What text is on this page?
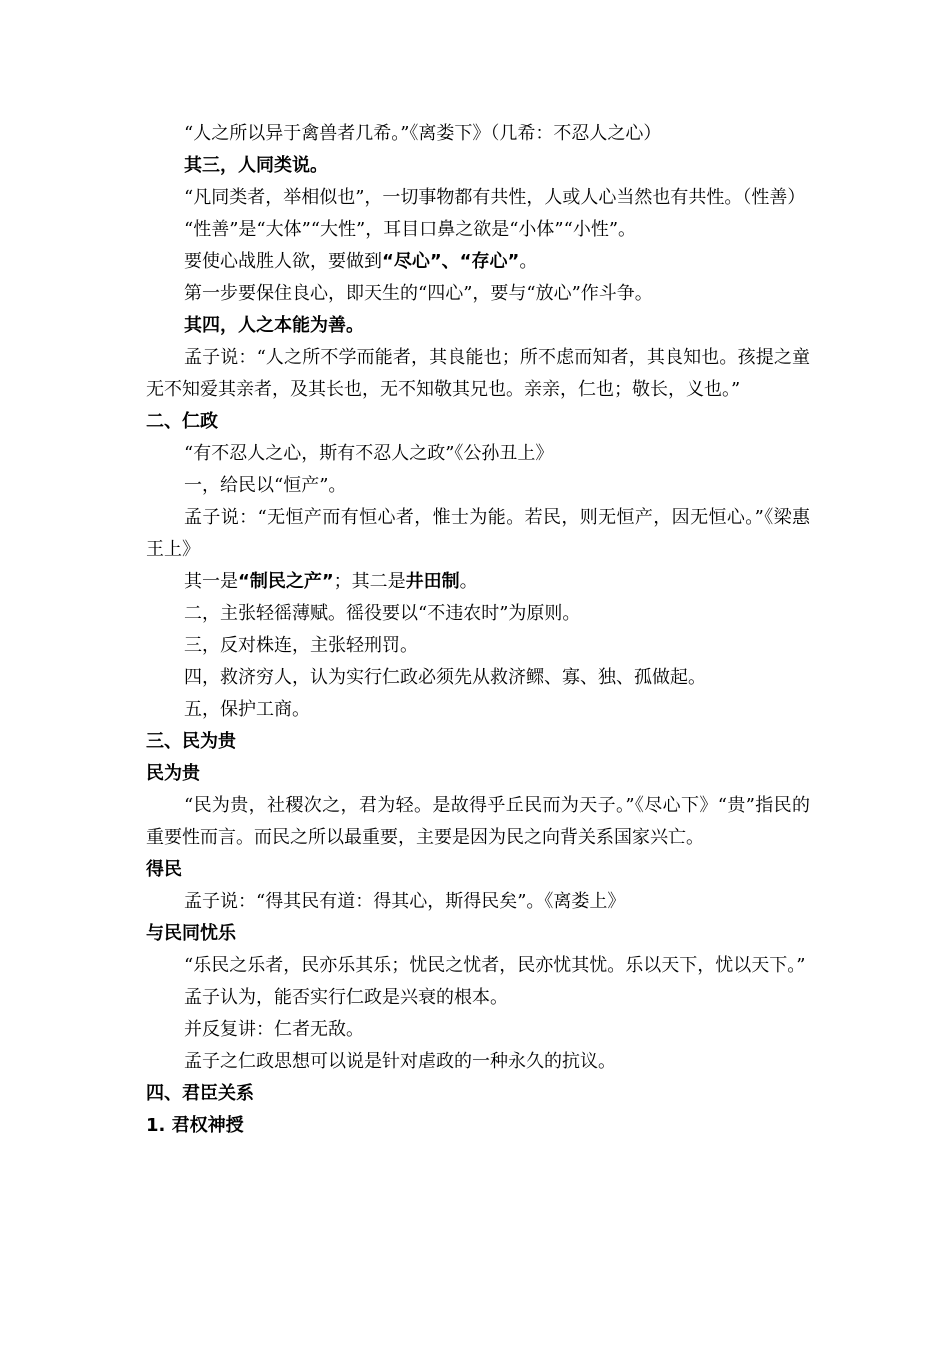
“人之所以异于禽兽者几希。”《离娄下》（几希：不忍人之心）

其三，人同类说。

“凡同类者，举相似也”，一切事物都有共性，人或人心当然也有共性。（性善）

“性善”是“大体”“大性”，耳目口鼻之欲是“小体”“小性”。

要使心战胜人欲，要做到“尽心”、“存心”。

第一步要保住良心，即天生的“四心”，要与“放心”作斗争。

其四，人之本能为善。

孟子说：“人之所不学而能者，其良能也；所不虑而知者，其良知也。孩提之童无不知爱其亲者，及其长也，无不知敬其兄也。亲亲，仁也；敬长，义也。”

二、仁政

“有不忍人之心，斯有不忍人之政”《公孙丑上》

一，给民以“恒产”。

孟子说：“无恒产而有恒心者，惟士为能。若民，则无恒产，因无恒心。”《梁惠王上》

其一是“制民之产”；其二是井田制。

二，主张轻徭薄赋。徭役要以“不违农时”为原则。

三，反对株连，主张轻刑罚。

四，救济穷人，认为实行仁政必须先从救济鳏、寡、独、孤做起。

五，保护工商。

三、民为贵

民为贵

“民为贵，社稷次之，君为轻。是故得乎丘民而为天子。”《尽心下》“贵”指民的重要性而言。而民之所以最重要，主要是因为民之向背关系国家兴亡。

得民

孟子说：“得其民有道：得其心，斯得民矣”。《离娄上》

与民同忧乐

“乐民之乐者，民亦乐其乐；忧民之忧者，民亦忧其忧。乐以天下，忧以天下。”

孟子认为，能否实行仁政是兴衰的根本。

并反复讲：仁者无敌。

孟子之仁政思想可以说是针对虐政的一种永久的抗议。

四、君臣关系

1. 君权神授
